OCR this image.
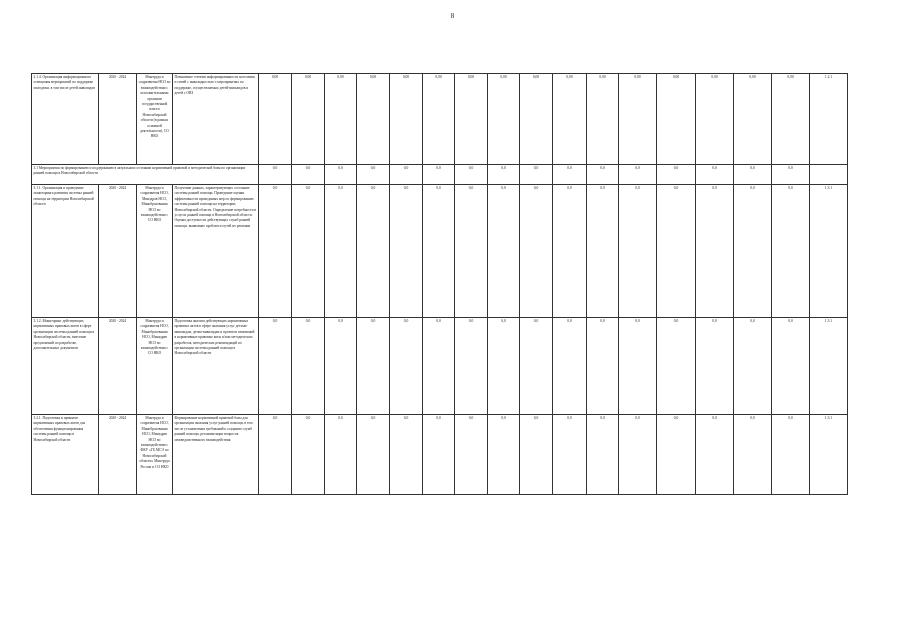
8
2.1.4. Организация информационного освещения мероприятий по поддержке молодежи, в том числе детей инвалидов	2020 - 2024	Минтруда и соцразвития НСО во взаимодействии с исполнительными органами государственной власти Новосибирской области (в рамках основной деятельности), СО НКО	Повышение степени информированности населения и семей с инвалидностью о мероприятиях по поддержке, осуществляемых детей-инвалидов и детей с ОВЗ	0,00	0,00	0,00	0,00	0,00	0,00	0,00	0,00	0,00	0,00	0,00	0,00	0,00	0,00	0,00	0,00	1.2.1
3.1 Мероприятия по формированию и поддержанию в актуальном состоянии нормативной правовой и методической базы по организации ранней помощи в Новосибирской области				0,0	0,0	0,0	0,0	0,0	0,0	0,0	0,0	0,0	0,0	0,0	0,0	0,0	0,0	0,0	0,0	
3.1.1. Организация и проведение мониторинга развития системы ранней помощи на территории Новосибирской области	2020 - 2024	Минтруда и соцразвития НСО, Минздрав НСО, Минобразования НСО во взаимодействии с СО НКО	Получение данных, характеризующих состояние системы ранней помощи. Проведение оценки эффективности проводимых мер по формированию системы ранней помощи на территории Новосибирской области. Определение потребности в услугах ранней помощи в Новосибирской области. Оценка доступности действующих служб ранней помощи, выявление проблем и путей их решения	0,0	0,0	0,0	0,0	0,0	0,0	0,0	0,0	0,0	0,0	0,0	0,0	0,0	0,0	0,0	0,0	1.3.1
3.1.2. Мониторинг действующих нормативных правовых актов в сфере организации системы ранней помощи в Новосибирской области, внесение предложений по разработке, дополнительных документов	2020 - 2024	Минтруда и соцразвития НСО, Минобразования НСО, Минздрав НСО во взаимодействии с СО НКО	Подготовка анализа действующих нормативных правовых актов в сфере оказания услуг детьми-инвалидам, детям-инвалидам и проектов изменений в нормативные правовые акты и/или методических разработок, методических рекомендаций по организации системы ранней помощи в Новосибирской области	0,0	0,0	0,0	0,0	0,0	0,0	0,0	0,0	0,0	0,0	0,0	0,0	0,0	0,0	0,0	0,0	1.3.1
3.2.1. Подготовка и принятие нормативных правовых актов для обеспечения функционирования системы ранней помощи в Новосибирской области	2020 - 2024	Минтруда и соцразвития НСО, Минобразования НСО, Минздрав НСО во взаимодействии с ФКУ «ГБ МСЭ по Новосибирской области» Минтруда России и СО НКО	Формирование нормативной правовой базы для организации оказания услуг ранней помощи, в том числе установления требований к созданию служб ранней помощи, регламентации вопросов межведомственного взаимодействия	0,0	0,0	0,0	0,0	0,0	0,0	0,0	0,0	0,0	0,0	0,0	0,0	0,0	0,0	0,0	0,0	1.3.1
